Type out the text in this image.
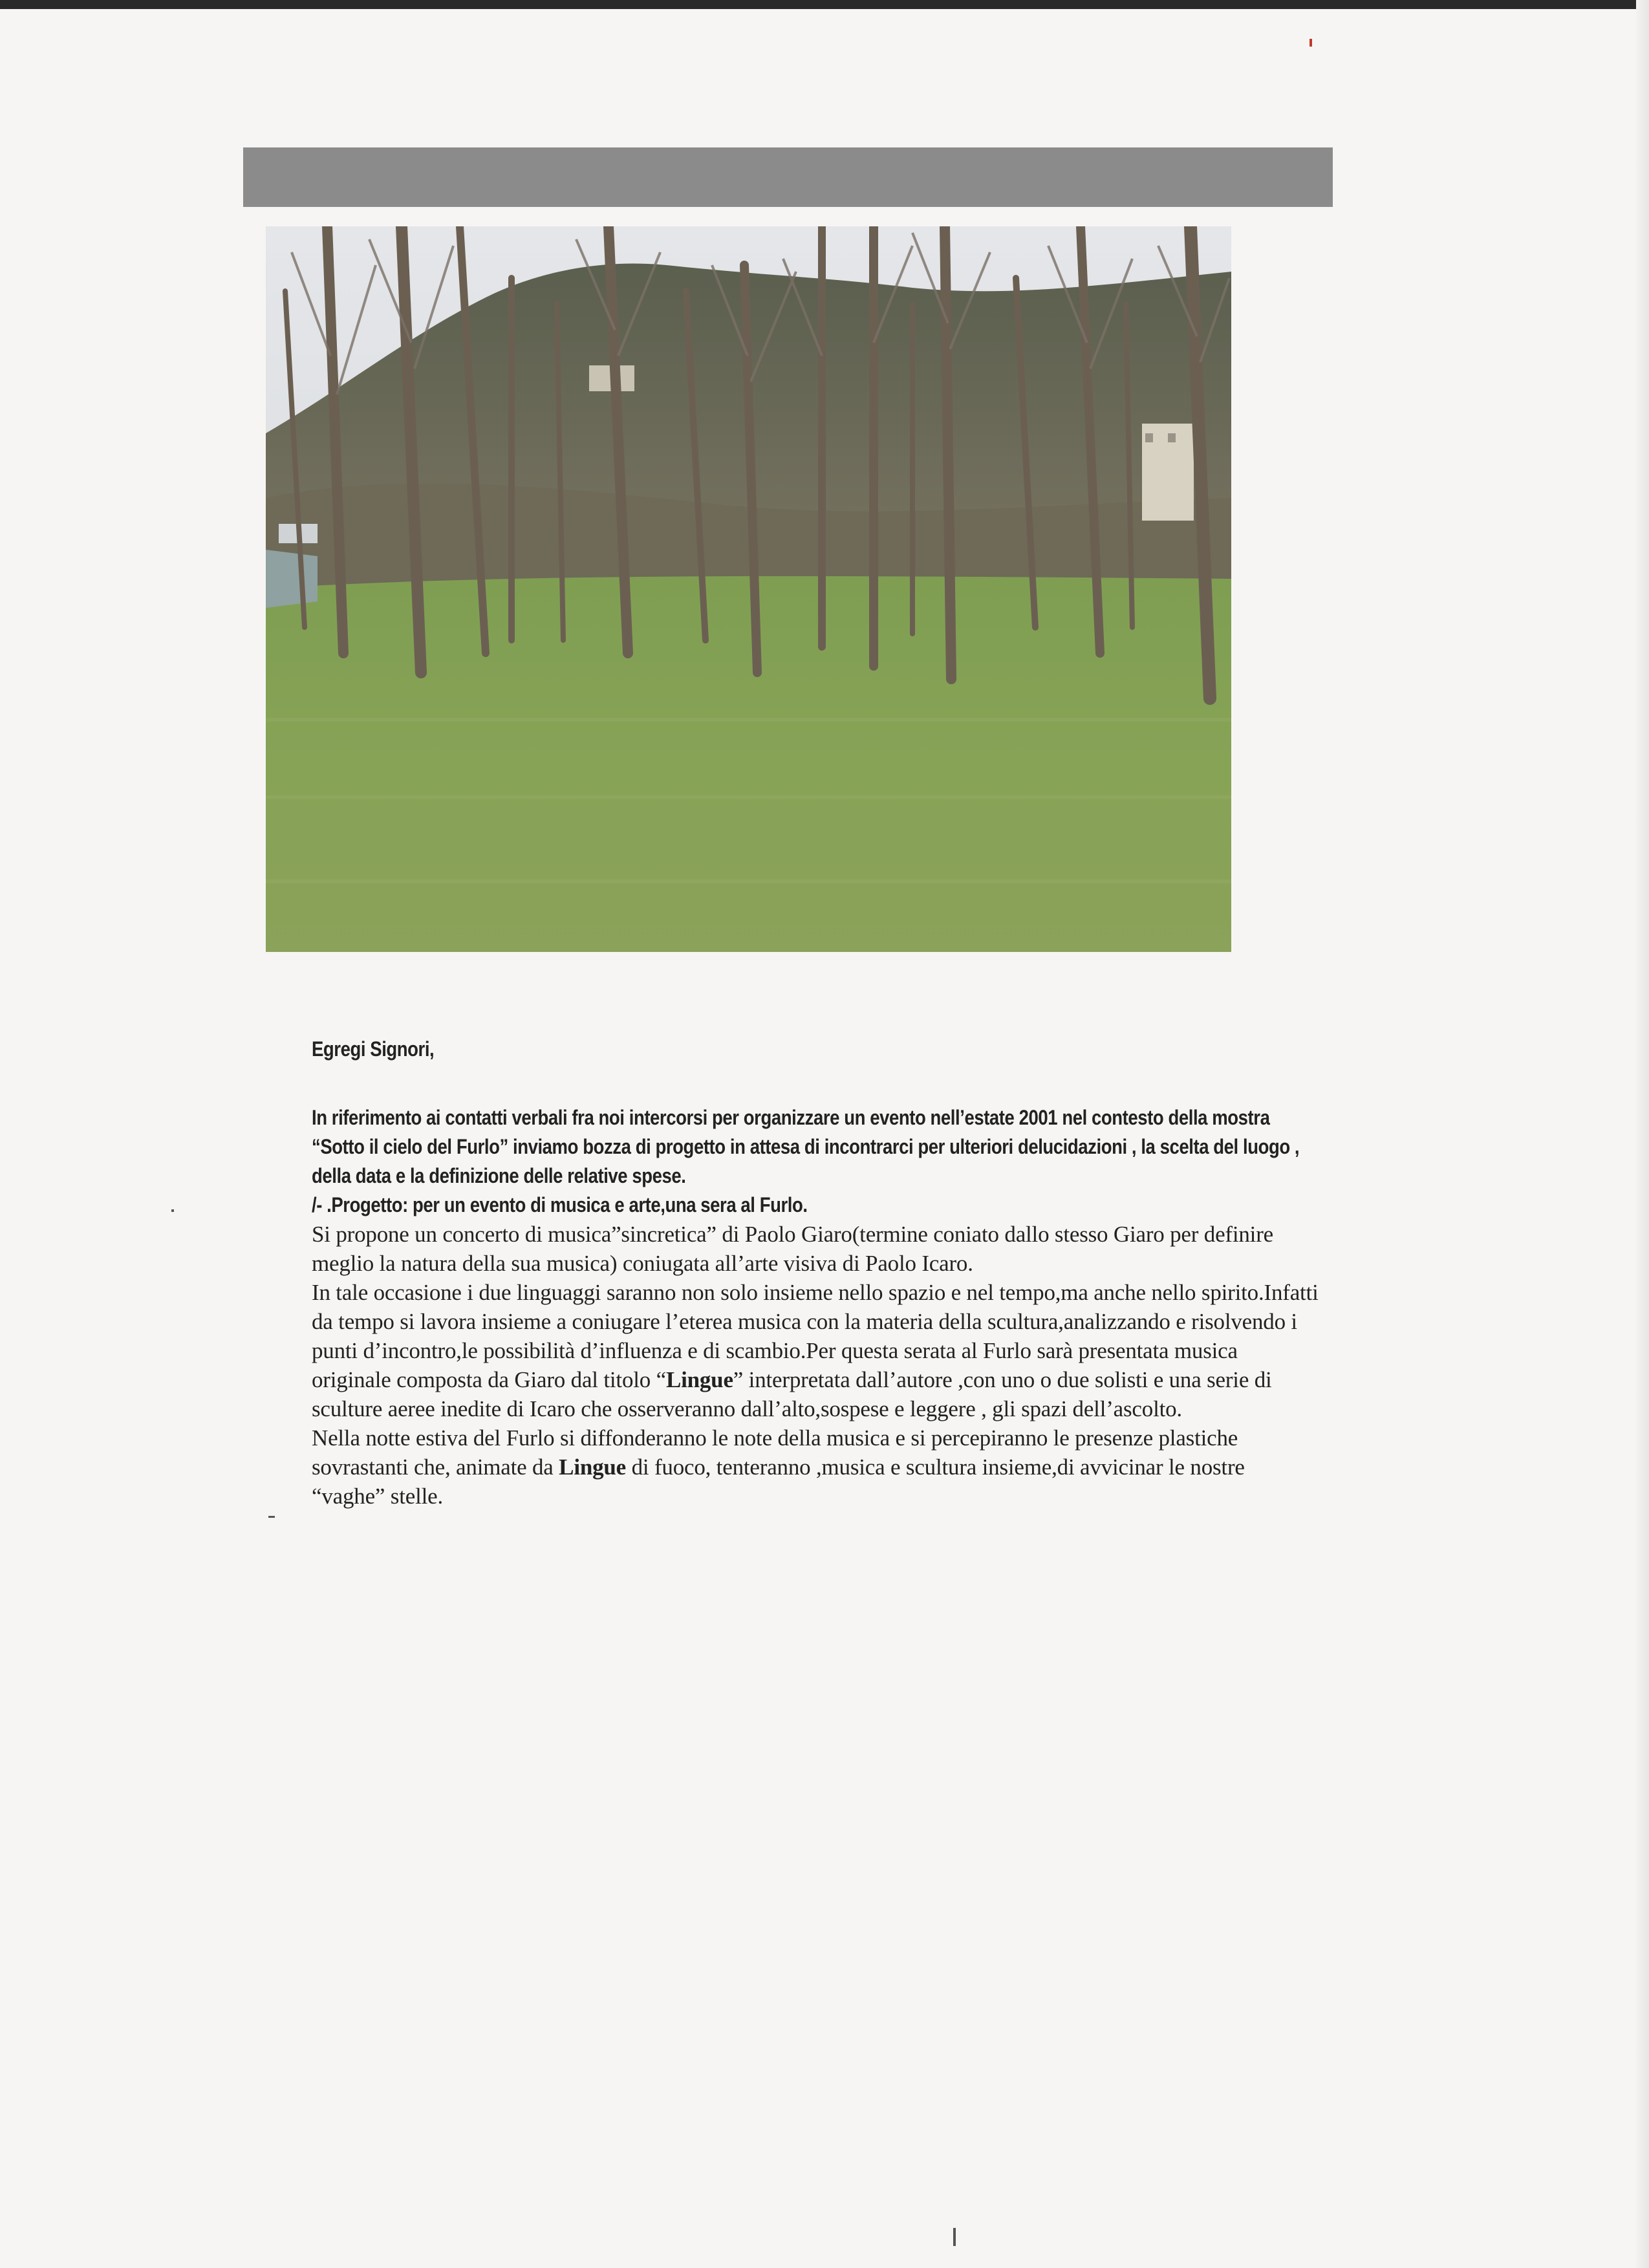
Egregi Signori,

In riferimento ai contatti verbali fra noi intercorsi per organizzare un evento nell’estate 2001 nel contesto della mostra “Sotto il cielo del Furlo” inviamo bozza di progetto in attesa di incontrarci per ulteriori delucidazioni , la scelta del luogo , della data e la definizione delle relative spese.

/- .Progetto: per un evento di musica e arte,una sera al Furlo.

Si propone un concerto di musica”sincretica” di Paolo Giaro(termine coniato dallo stesso Giaro per definire meglio la natura della sua musica) coniugata all’arte visiva di Paolo Icaro.

In tale occasione i due linguaggi saranno non solo insieme nello spazio e nel tempo,ma anche nello spirito.Infatti da tempo si lavora insieme a coniugare l’eterea musica con la materia della scultura,analizzando e risolvendo i punti d’incontro,le possibilità d’influenza e di scambio.Per questa serata al Furlo sarà presentata musica originale composta da Giaro dal titolo “Lingue” interpretata dall’autore ,con uno o due solisti e una serie di sculture aeree inedite di Icaro che osserveranno dall’alto,sospese e leggere , gli spazi dell’ascolto.

Nella notte estiva del Furlo si diffonderanno le note della musica e si percepiranno le presenze plastiche sovrastanti che, animate da Lingue di fuoco, tenteranno ,musica e scultura insieme,di avvicinar le nostre “vaghe” stelle.
